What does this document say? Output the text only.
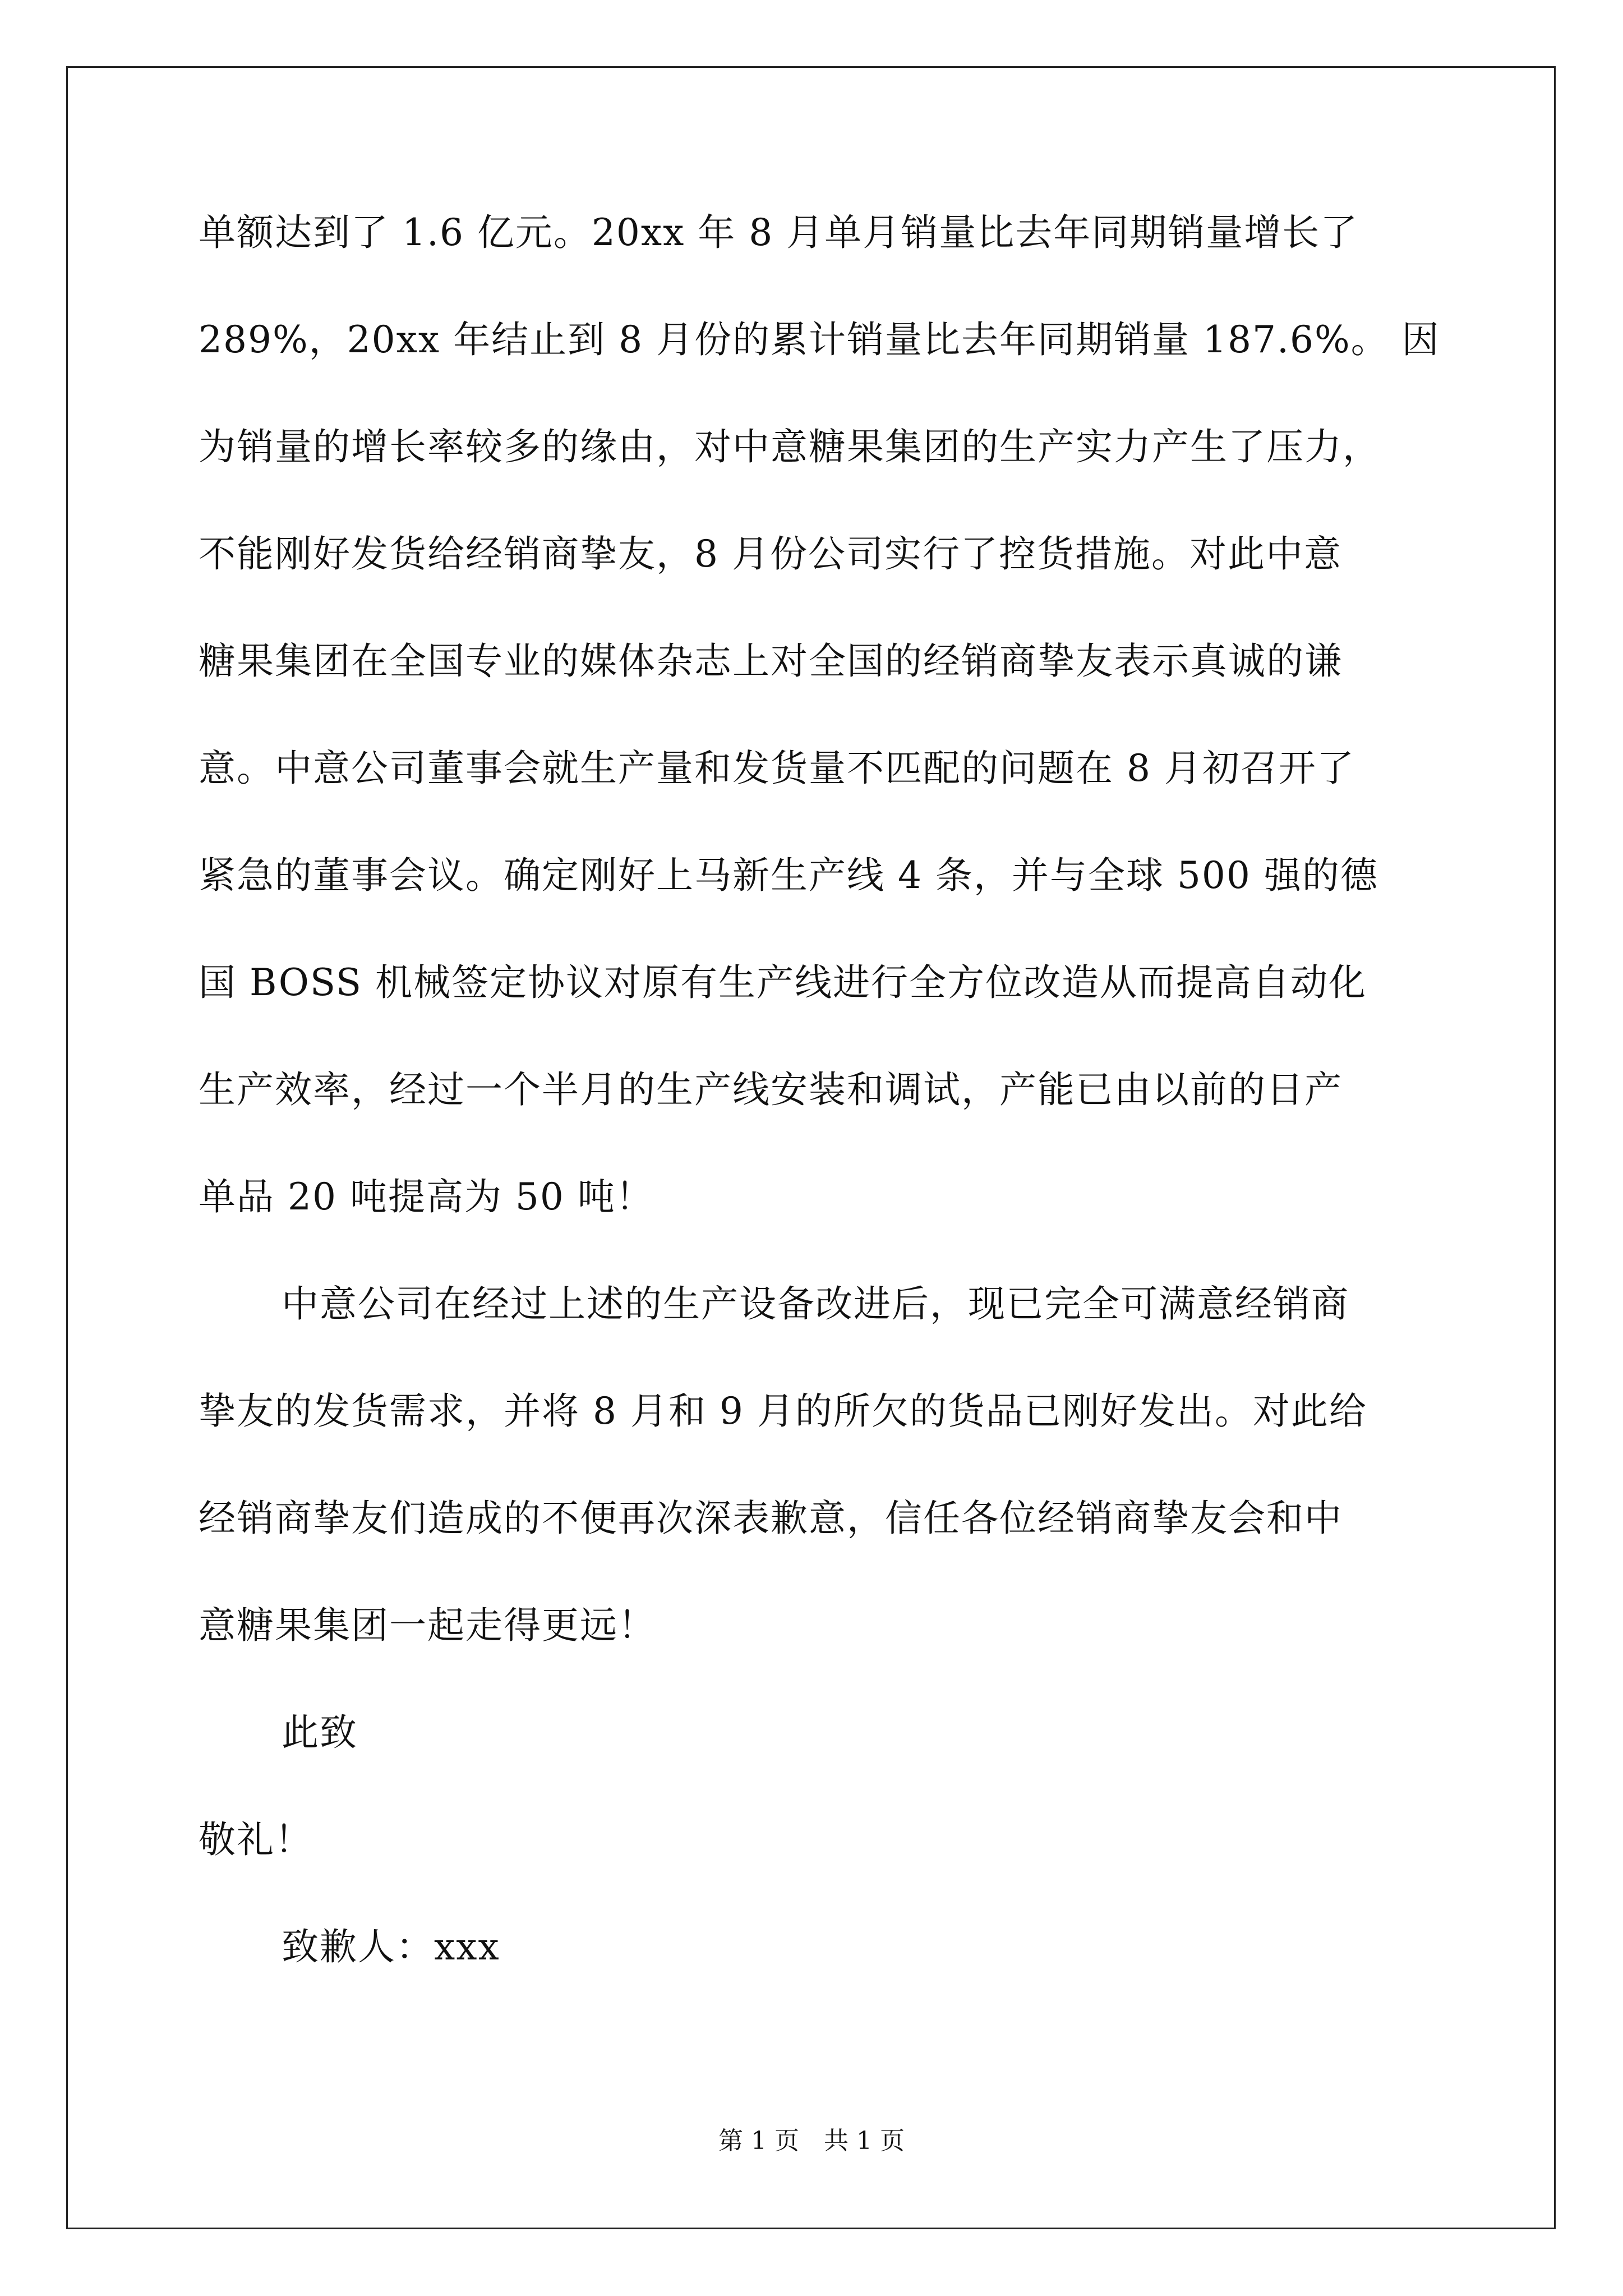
单额达到了 1.6 亿元。20xx 年 8 月单月销量比去年同期销量增长了
289%，20xx 年结止到 8 月份的累计销量比去年同期销量 187.6%。 因
为销量的增长率较多的缘由，对中意糖果集团的生产实力产生了压力，
不能刚好发货给经销商挚友，8 月份公司实行了控货措施。对此中意
糖果集团在全国专业的媒体杂志上对全国的经销商挚友表示真诚的谦
意。中意公司董事会就生产量和发货量不匹配的问题在 8 月初召开了
紧急的董事会议。确定刚好上马新生产线 4 条，并与全球 500 强的德
国 BOSS 机械签定协议对原有生产线进行全方位改造从而提高自动化
生产效率，经过一个半月的生产线安装和调试，产能已由以前的日产
单品 20 吨提高为 50 吨！
中意公司在经过上述的生产设备改进后，现已完全可满意经销商
挚友的发货需求，并将 8 月和 9 月的所欠的货品已刚好发出。对此给
经销商挚友们造成的不便再次深表歉意，信任各位经销商挚友会和中
意糖果集团一起走得更远！
此致
敬礼！
致歉人：xxx
第 1 页　共 1 页
